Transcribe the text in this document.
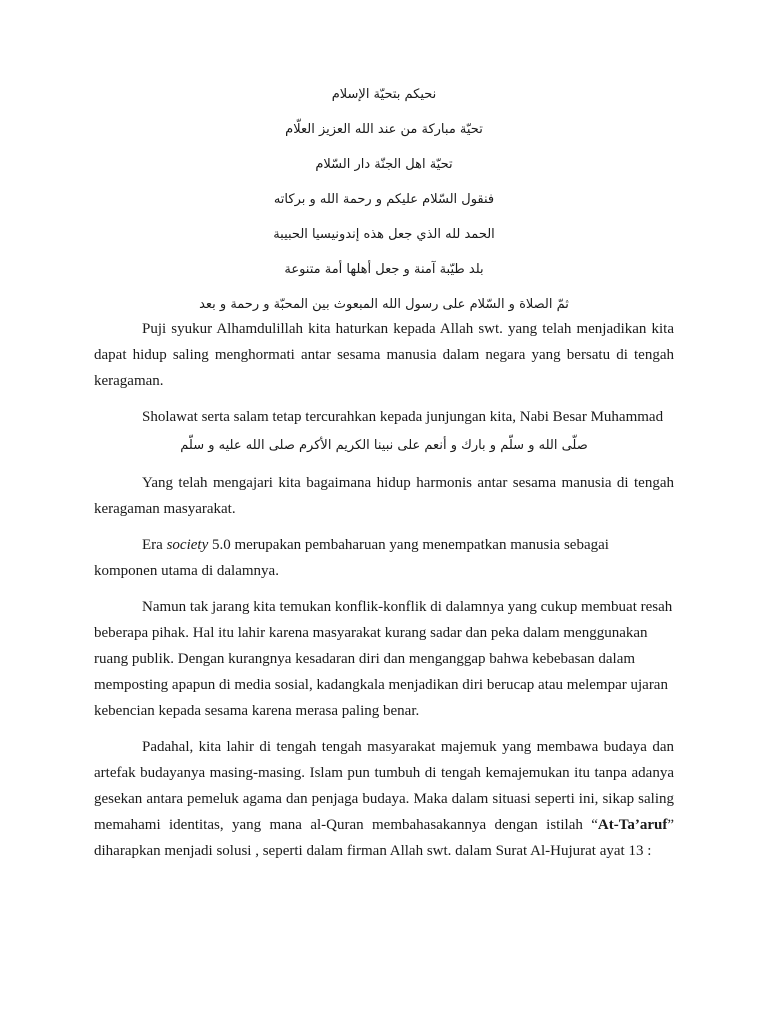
نحيكم بتحيّة الإسلام
تحيّة مباركة من عند الله العزيز العلّام
تحيّة اهل الجنّة دار السّلام
فنقول السّلام عليكم و رحمة الله و بركاته
الحمد لله الذي جعل هذه إندونيسيا الحبيبة
بلد طيّبة آمنة و جعل أهلها أمة متنوعة
ثمّ الصلاة و السّلام على رسول الله المبعوث بين المحبّة و رحمة و بعد

Puji syukur Alhamdulillah kita haturkan kepada Allah swt. yang telah menjadikan kita dapat hidup saling menghormati antar sesama manusia dalam negara yang bersatu di tengah keragaman.

Sholawat serta salam tetap tercurahkan kepada junjungan kita, Nabi Besar Muhammad

صلّى الله و سلّم و بارك و أنعم على نبينا الكريم الأكرم صلى الله عليه و سلّم

Yang telah mengajari kita bagaimana hidup harmonis antar sesama manusia di tengah keragaman masyarakat.

Era society 5.0 merupakan pembaharuan yang menempatkan manusia sebagai komponen utama di dalamnya.

Namun tak jarang kita temukan konflik-konflik di dalamnya yang cukup membuat resah beberapa pihak. Hal itu lahir karena masyarakat kurang sadar dan peka dalam menggunakan ruang publik. Dengan kurangnya kesadaran diri dan menganggap bahwa kebebasan dalam memposting apapun di media sosial, kadangkala menjadikan diri berucap atau melempar ujaran kebencian kepada sesama karena merasa paling benar.

Padahal, kita lahir di tengah tengah masyarakat majemuk yang membawa budaya dan artefak budayanya masing-masing. Islam pun tumbuh di tengah kemajemukan itu tanpa adanya gesekan antara pemeluk agama dan penjaga budaya. Maka dalam situasi seperti ini, sikap saling memahami identitas, yang mana al-Quran membahasakannya dengan istilah “At-Ta’aruf” diharapkan menjadi solusi , seperti dalam firman Allah swt. dalam Surat Al-Hujurat ayat 13 :
